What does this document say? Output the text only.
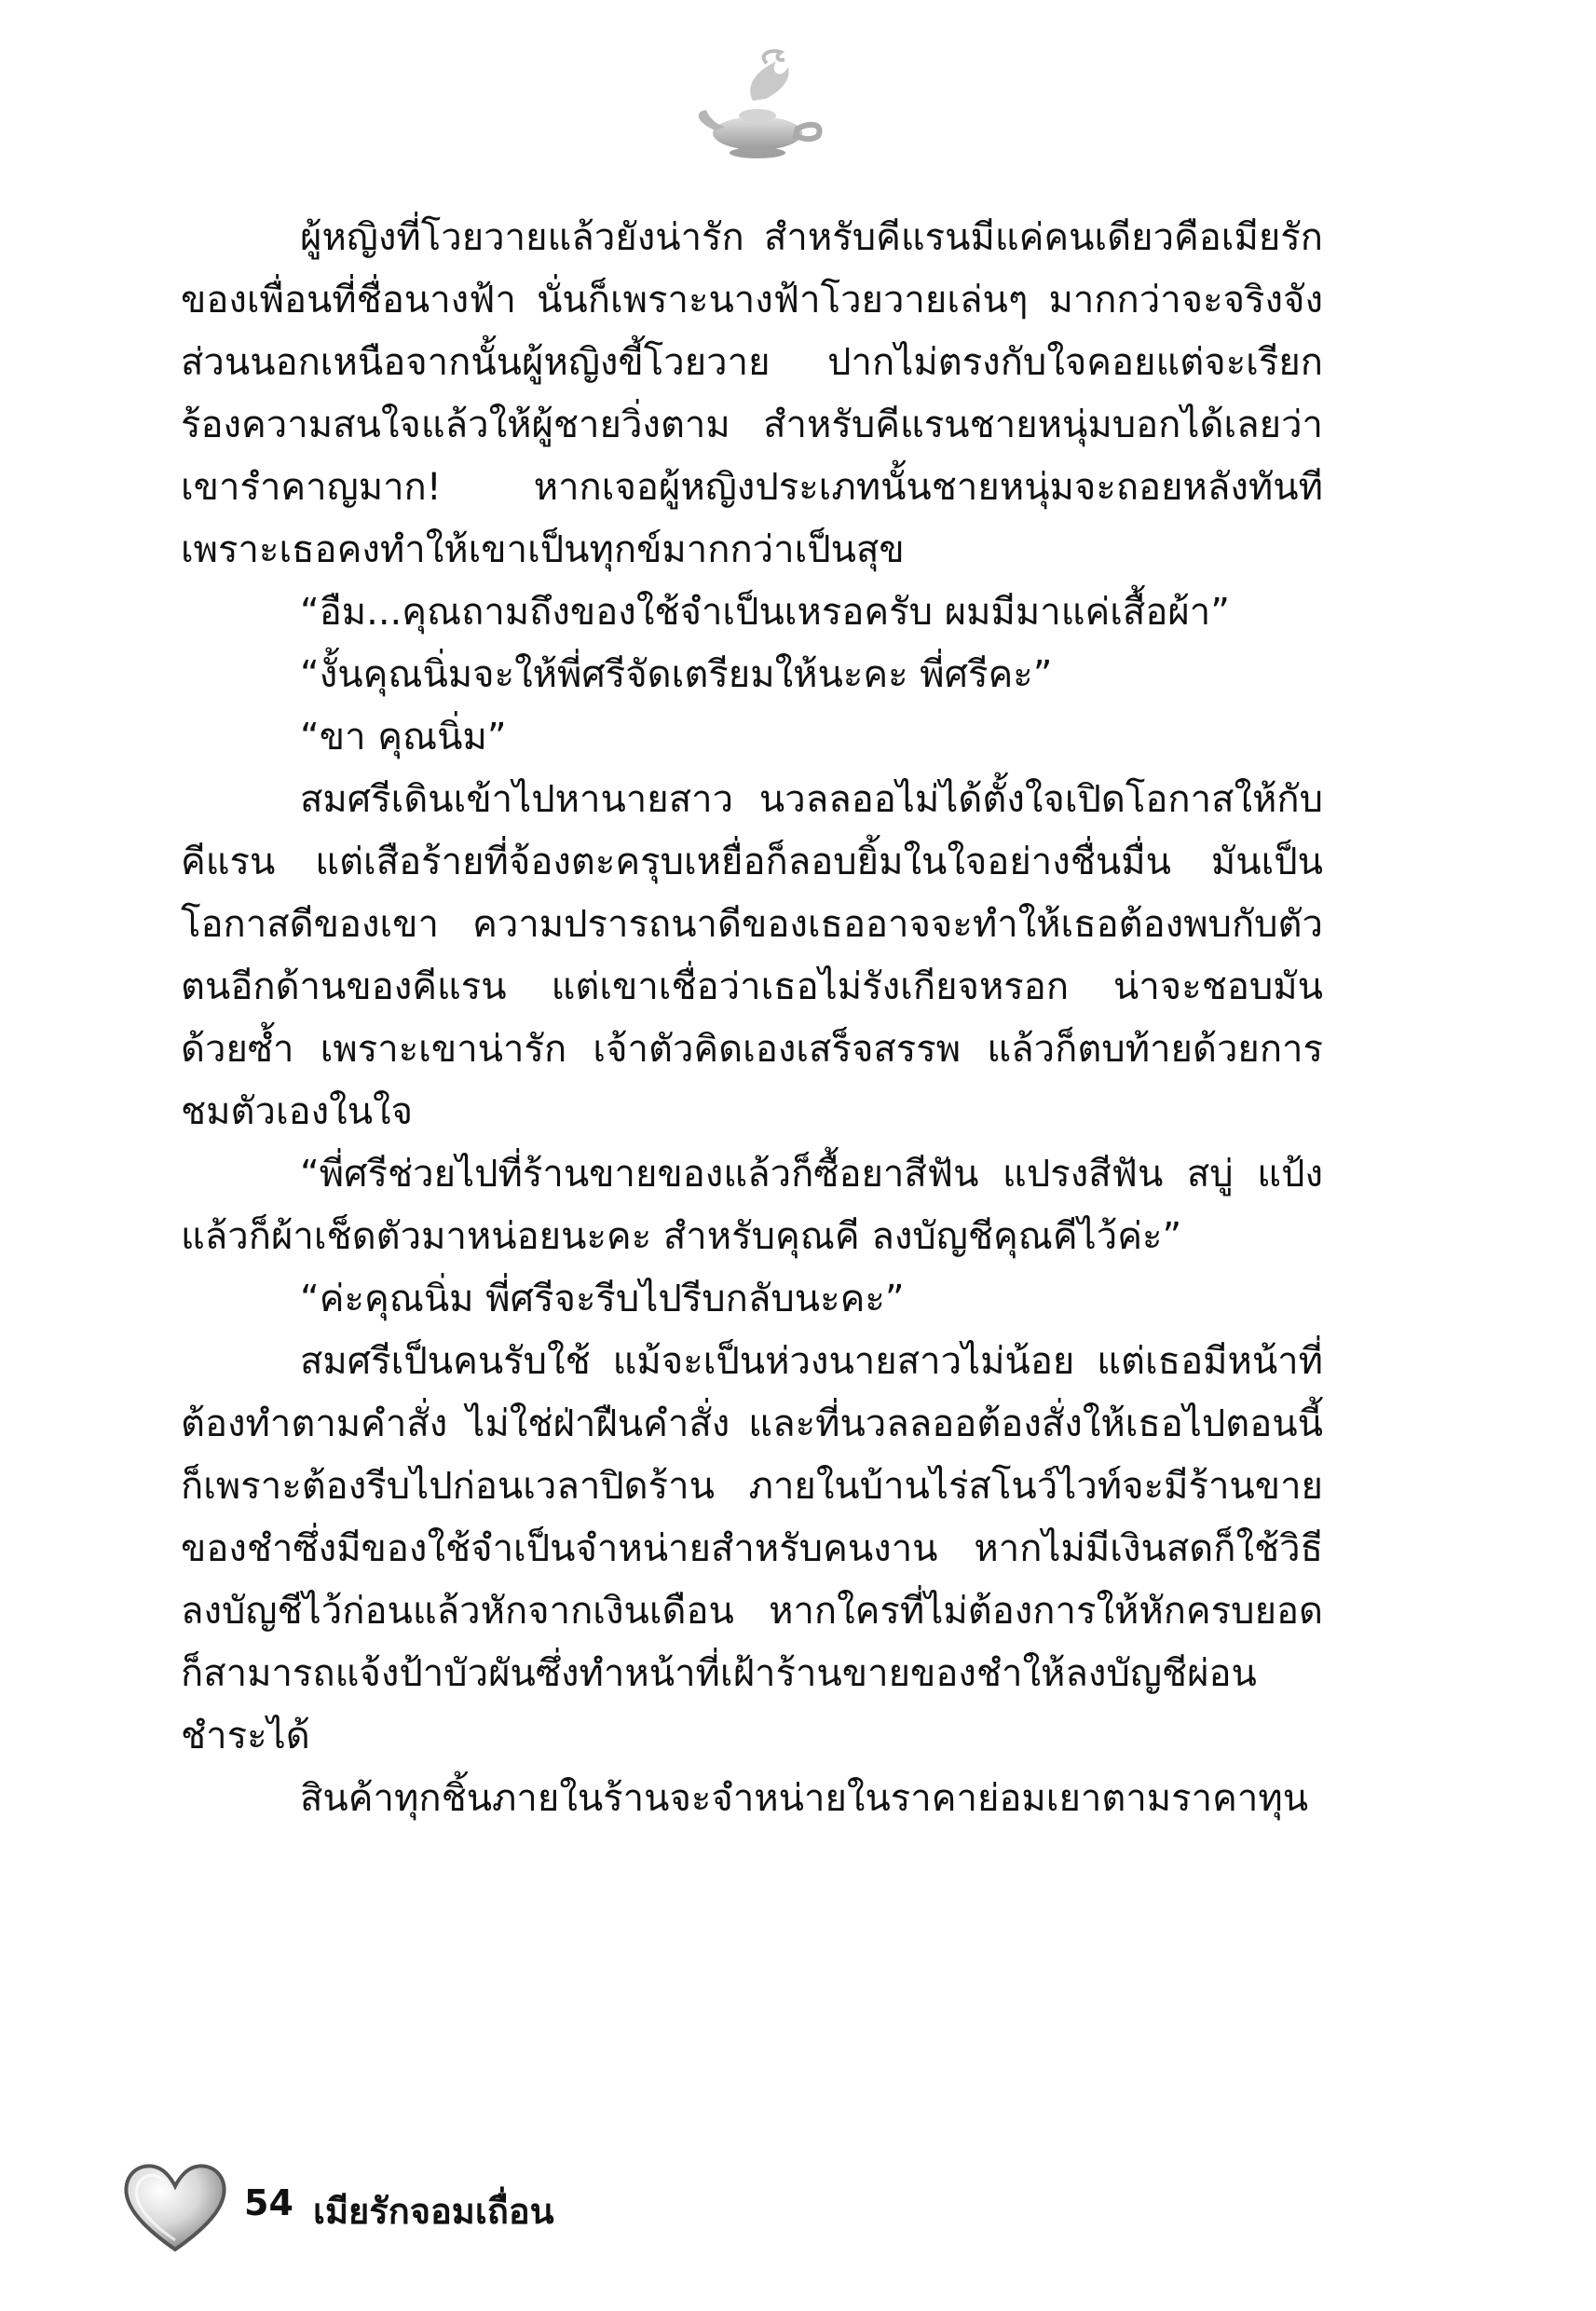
ผู้หญิงที่โวยวายแล้วยังน่ารัก สำหรับคีแรนมีแค่คนเดียวคือเมียรักของเพื่อนที่ชื่อนางฟ้า นั่นก็เพราะนางฟ้าโวยวายเล่นๆ มากกว่าจะจริงจัง ส่วนนอกเหนือจากนั้นผู้หญิงขี้โวยวาย ปากไม่ตรงกับใจคอยแต่จะเรียกร้องความสนใจแล้วให้ผู้ชายวิ่งตาม สำหรับคีแรนชายหนุ่มบอกได้เลยว่าเขารำคาญมาก! หากเจอผู้หญิงประเภทนั้นชายหนุ่มจะถอยหลังทันที เพราะเธอคงทำให้เขาเป็นทุกข์มากกว่าเป็นสุข

“อืม...คุณถามถึงของใช้จำเป็นเหรอครับ ผมมีมาแค่เสื้อผ้า”

“งั้นคุณนิ่มจะให้พี่ศรีจัดเตรียมให้นะคะ พี่ศรีคะ”

“ขา คุณนิ่ม”

สมศรีเดินเข้าไปหานายสาว นวลลออไม่ได้ตั้งใจเปิดโอกาสให้กับคีแรน แต่เสือร้ายที่จ้องตะครุบเหยื่อก็ลอบยิ้มในใจอย่างชื่นมื่น มันเป็นโอกาสดีของเขา ความปรารถนาดีของเธออาจจะทำให้เธอต้องพบกับตัวตนอีกด้านของคีแรน แต่เขาเชื่อว่าเธอไม่รังเกียจหรอก น่าจะชอบมันด้วยซ้ำ เพราะเขาน่ารัก เจ้าตัวคิดเองเสร็จสรรพ แล้วก็ตบท้ายด้วยการชมตัวเองในใจ

“พี่ศรีช่วยไปที่ร้านขายของแล้วก็ซื้อยาสีฟัน แปรงสีฟัน สบู่ แป้ง แล้วก็ผ้าเช็ดตัวมาหน่อยนะคะ สำหรับคุณคี ลงบัญชีคุณคีไว้ค่ะ”

“ค่ะคุณนิ่ม พี่ศรีจะรีบไปรีบกลับนะคะ”

สมศรีเป็นคนรับใช้ แม้จะเป็นห่วงนายสาวไม่น้อย แต่เธอมีหน้าที่ต้องทำตามคำสั่ง ไม่ใช่ฝ่าฝืนคำสั่ง และที่นวลลออต้องสั่งให้เธอไปตอนนี้ก็เพราะต้องรีบไปก่อนเวลาปิดร้าน ภายในบ้านไร่สโนว์ไวท์จะมีร้านขายของชำซึ่งมีของใช้จำเป็นจำหน่ายสำหรับคนงาน หากไม่มีเงินสดก็ใช้วิธีลงบัญชีไว้ก่อนแล้วหักจากเงินเดือน หากใครที่ไม่ต้องการให้หักครบยอด ก็สามารถแจ้งป้าบัวผันซึ่งทำหน้าที่เฝ้าร้านขายของชำให้ลงบัญชีผ่อนชำระได้

สินค้าทุกชิ้นภายในร้านจะจำหน่ายในราคาย่อมเยาตามราคาทุน

54 เมียรักจอมเถื่อน
